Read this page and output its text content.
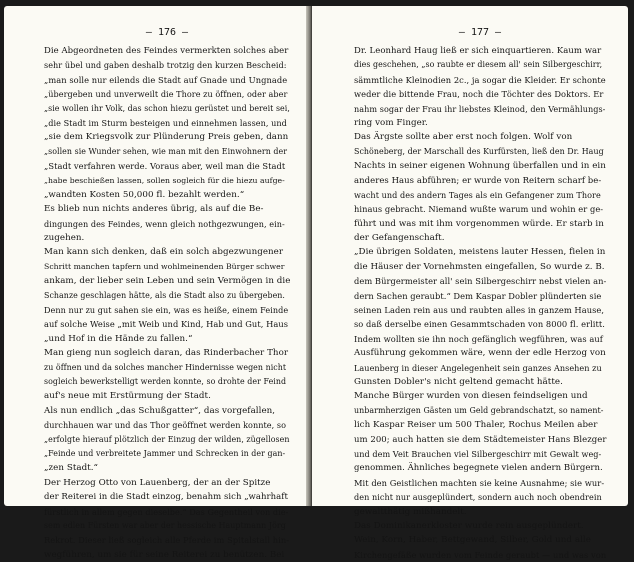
— 176 —
Die Abgeordneten des Feindes vermerkten solches aber
sehr übel und gaben deshalb trotzig den kurzen Bescheid:
„man solle nur eilends die Stadt auf Gnade und Ungnade
„übergeben und unverweilt die Thore zu öffnen, oder aber
„sie wollen ihr Volk, das schon hiezu gerüstet und bereit sei,
„die Stadt im Sturm besteigen und einnehmen lassen, und
„sie dem Kriegsvolk zur Plünderung Preis geben, dann
„sollen sie Wunder sehen, wie man mit den Einwohnern der
„Stadt verfahren werde. Voraus aber, weil man die Stadt
„habe beschießen lassen, sollen sogleich für die hiezu aufge-
„wandten Kosten 50,000 fl. bezahlt werden.“
Es blieb nun nichts anderes übrig, als auf die Be-
dingungen des Feindes, wenn gleich nothgezwungen, ein-
zugehen.
Man kann sich denken, daß ein solch abgezwungener
Schritt manchen tapfern und wohlmeinenden Bürger schwer
ankam, der lieber sein Leben und sein Vermögen in die
Schanze geschlagen hätte, als die Stadt also zu übergeben.
Denn nur zu gut sahen sie ein, was es heiße, einem Feinde
auf solche Weise „mit Weib und Kind, Hab und Gut, Haus
„und Hof in die Hände zu fallen.“
Man gieng nun sogleich daran, das Rinderbacher Thor
zu öffnen und da solches mancher Hindernisse wegen nicht
sogleich bewerkstelligt werden konnte, so drohte der Feind
auf's neue mit Erstürmung der Stadt.
Als nun endlich „das Schußgatter“, das vorgefallen,
durchhauen war und das Thor geöffnet werden konnte, so
„erfolgte hierauf plötzlich der Einzug der wilden, zügellosen
„Feinde und verbreitete Jammer und Schrecken in der gan-
„zen Stadt.“
Der Herzog Otto von Lauenberg, der an der Spitze
der Reiterei in die Stadt einzog, benahm sich „wahrhaft
fürstlich in allem gegen dieselbe.“ Das Gegentheil von die-
sem edlen Fürsten war aber der hessische Hauptmann Jörg
Rekrot. Dieser ließ sogleich alle Pferde im Spitalstall hin-
wegführen, um sie für seine Reiterei zu benützen. Bei
— 177 —
Dr. Leonhard Haug ließ er sich einquartieren. Kaum war
dies geschehen, „so raubte er diesem all' sein Silbergeschirr,
sämmtliche Kleinodien 2c., ja sogar die Kleider. Er schonte
weder die bittende Frau, noch die Töchter des Doktors. Er
nahm sogar der Frau ihr liebstes Kleinod, den Vermählungs-
ring vom Finger.
Das Ärgste sollte aber erst noch folgen. Wolf von
Schöneberg, der Marschall des Kurfürsten, ließ den Dr. Haug
Nachts in seiner eigenen Wohnung überfallen und in ein
anderes Haus abführen; er wurde von Reitern scharf be-
wacht und des andern Tages als ein Gefangener zum Thore
hinaus gebracht. Niemand wußte warum und wohin er ge-
führt und was mit ihm vorgenommen würde. Er starb in
der Gefangenschaft.
„Die übrigen Soldaten, meistens lauter Hessen, fielen in
die Häuser der Vornehmsten eingefallen, So wurde z. B.
dem Bürgermeister all' sein Silbergeschirr nebst vielen an-
dern Sachen geraubt.“ Dem Kaspar Dobler plünderten sie
seinen Laden rein aus und raubten alles in ganzem Hause,
so daß derselbe einen Gesammtschaden von 8000 fl. erlitt.
Indem wollten sie ihn noch gefänglich wegführen, was auf
Ausführung gekommen wäre, wenn der edle Herzog von
Lauenberg in dieser Angelegenheit sein ganzes Ansehen zu
Gunsten Dobler's nicht geltend gemacht hätte.
Manche Bürger wurden von diesen feindseligen und
unbarmherzigen Gästen um Geld gebrandschatzt, so nament-
lich Kaspar Reiser um 500 Thaler, Rochus Meilen aber
um 200; auch hatten sie dem Städtemeister Hans Blezger
und dem Veit Brauchen viel Silbergeschirr mit Gewalt weg-
genommen. Ähnliches begegnete vielen andern Bürgern.
Mit den Geistlichen machten sie keine Ausnahme; sie wur-
den nicht nur ausgeplündert, sondern auch noch obendrein
gewaltthätig mißhandelt.
Das Dominikanerkloster wurde rein ausgeplündert.
Wein, Korn, Haber, Bettgewand, Silber, Gold und alle
Kirchengefäße wurden vom Feinde geraubt — und was von
